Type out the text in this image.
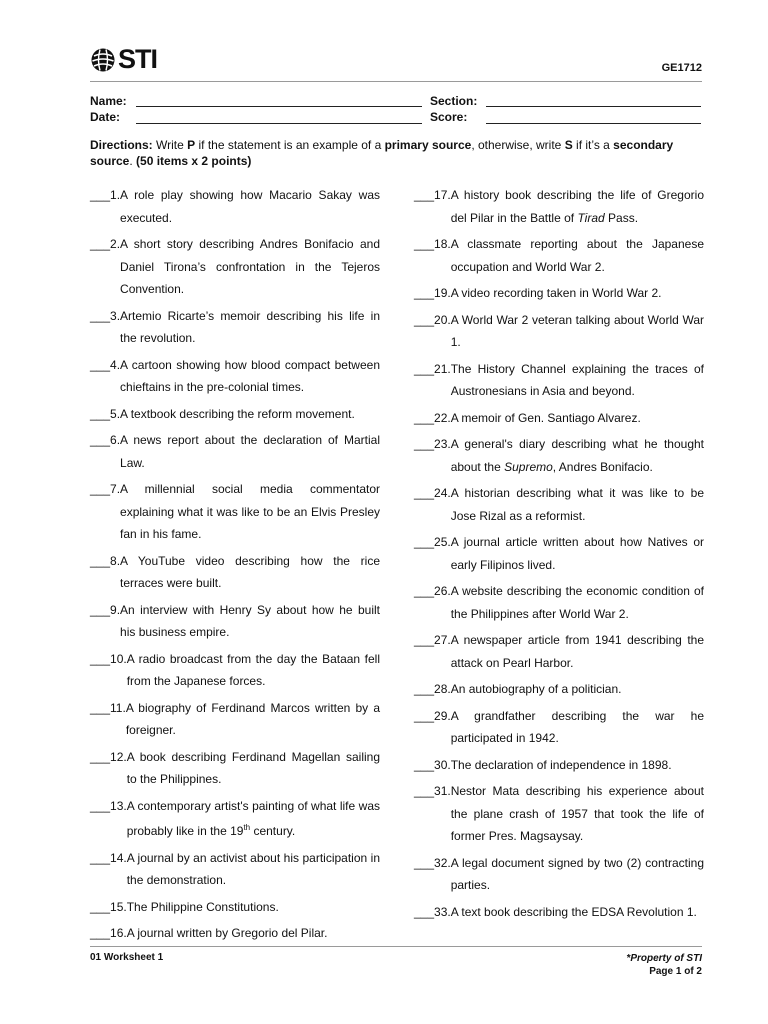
STI	GE1712
Name:
Date:
Section:
Score:
Directions: Write P if the statement is an example of a primary source, otherwise, write S if it’s a secondary source. (50 items x 2 points)
___1. A role play showing how Macario Sakay was executed.
___2. A short story describing Andres Bonifacio and Daniel Tirona’s confrontation in the Tejeros Convention.
___3. Artemio Ricarte’s memoir describing his life in the revolution.
___4. A cartoon showing how blood compact between chieftains in the pre-colonial times.
___5. A textbook describing the reform movement.
___6. A news report about the declaration of Martial Law.
___7. A millennial social media commentator explaining what it was like to be an Elvis Presley fan in his fame.
___8. A YouTube video describing how the rice terraces were built.
___9. An interview with Henry Sy about how he built his business empire.
___10. A radio broadcast from the day the Bataan fell from the Japanese forces.
___11. A biography of Ferdinand Marcos written by a foreigner.
___12. A book describing Ferdinand Magellan sailing to the Philippines.
___13. A contemporary artist's painting of what life was probably like in the 19th century.
___14. A journal by an activist about his participation in the demonstration.
___15. The Philippine Constitutions.
___16. A journal written by Gregorio del Pilar.
___17. A history book describing the life of Gregorio del Pilar in the Battle of Tirad Pass.
___18. A classmate reporting about the Japanese occupation and World War 2.
___19. A video recording taken in World War 2.
___20. A World War 2 veteran talking about World War 1.
___21. The History Channel explaining the traces of Austronesians in Asia and beyond.
___22. A memoir of Gen. Santiago Alvarez.
___23. A general's diary describing what he thought about the Supremo, Andres Bonifacio.
___24. A historian describing what it was like to be Jose Rizal as a reformist.
___25. A journal article written about how Natives or early Filipinos lived.
___26. A website describing the economic condition of the Philippines after World War 2.
___27. A newspaper article from 1941 describing the attack on Pearl Harbor.
___28. An autobiography of a politician.
___29. A grandfather describing the war he participated in 1942.
___30. The declaration of independence in 1898.
___31. Nestor Mata describing his experience about the plane crash of 1957 that took the life of former Pres. Magsaysay.
___32. A legal document signed by two (2) contracting parties.
___33. A text book describing the EDSA Revolution 1.
01 Worksheet 1	*Property of STI
Page 1 of 2
